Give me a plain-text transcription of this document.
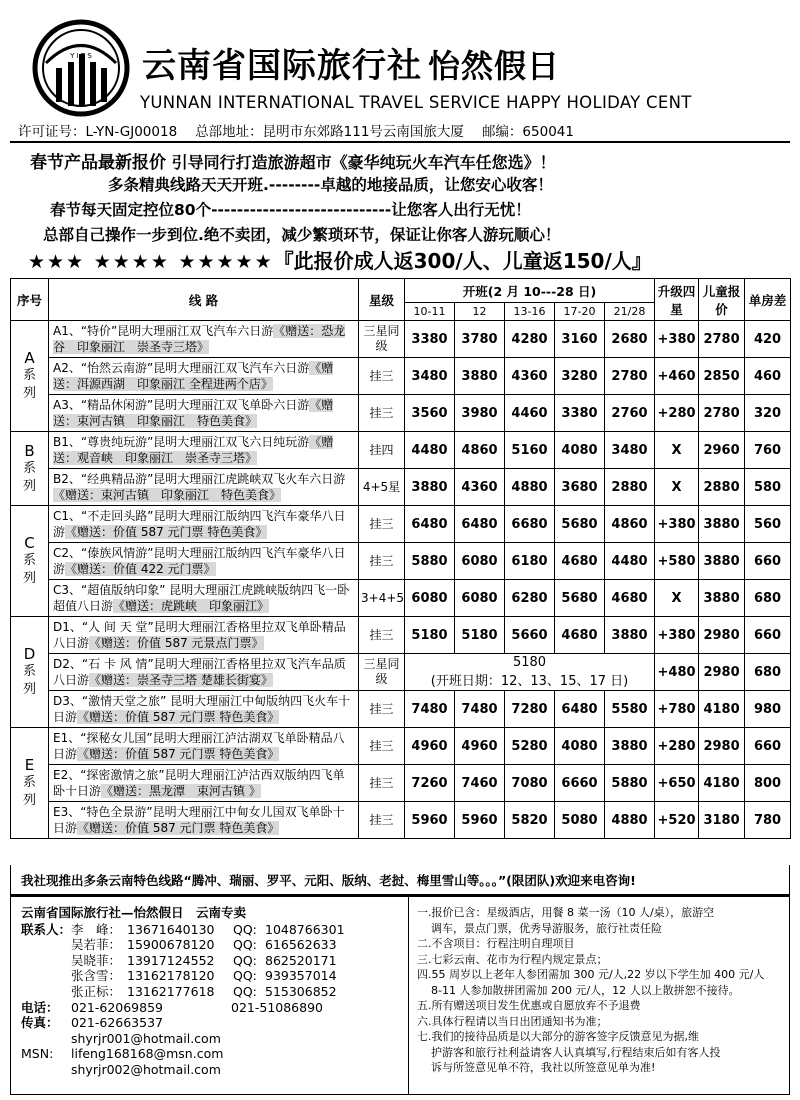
Y I T S 云南省国际旅行社 怡然假日
YUNNAN INTERNATIONAL TRAVEL SERVICE HAPPY HOLIDAY CENT
许可证号：L-YN-GJ00018 总部地址：昆明市东郊路111号云南国旅大厦 邮编：650041
春节产品最新报价 引导同行打造旅游超市《豪华纯玩火车汽车任您选》！
多条精典线路天天开班.--------卓越的地接品质，让您安心收客！
春节每天固定控位80个----------------------------让您客人出行无忧！
总部自己操作一步到位.绝不卖团，减少繁琐环节，保证让你客人游玩顺心！
★★★ ★★★★ ★★★★★『此报价成人返300/人、儿童返150/人』
序号	线 路	星级	开班(2 月 10---28 日)					升级四星	儿童报价	单房差
			10-11	12	13-16	17-20	21/28			

A
系
列	A1、“特价”昆明大理丽江双飞汽车六日游《赠送：恐龙谷　印象丽江　崇圣寺三塔》	三星同级	3380	3780	4280	3160	2680	+380	2780	420
	A2、“怡然云南游”昆明大理丽江双飞汽车六日游《赠送：洱源西湖　印象丽江 全程进两个店》	挂三	3480	3880	4360	3280	2780	+460	2850	460
	A3、“精品休闲游”昆明大理丽江双飞单卧六日游《赠送：束河古镇　印象丽江　特色美食》	挂三	3560	3980	4460	3380	2760	+280	2780	320

B
系
列	B1、“尊贵纯玩游”昆明大理丽江双飞六日纯玩游《赠送：观音峡　印象丽江　崇圣寺三塔》	挂四	4480	4860	5160	4080	3480	X	2960	760
	B2、“经典精品游”昆明大理丽江虎跳峡双飞火车六日游《赠送：束河古镇　印象丽江　特色美食》	4+5星	3880	4360	4880	3680	2880	X	2880	580

C
系
列	C1、“不走回头路”昆明大理丽江版纳四飞汽车豪华八日游《赠送：价值 587 元门票 特色美食》	挂三	6480	6480	6680	5680	4860	+380	3880	560
	C2、“傣族风情游”昆明大理丽江版纳四飞汽车豪华八日游《赠送：价值 422 元门票》	挂三	5880	6080	6180	4680	4480	+580	3880	660
	C3、“超值版纳印象” 昆明大理丽江虎跳峡版纳四飞一卧超值八日游《赠送：虎跳峡　印象丽江》	3+4+5	6080	6080	6280	5680	4680	X	3880	680

D
系
列	D1、“人 间 天 堂”昆明大理丽江香格里拉双飞单卧精品八日游《赠送：价值 587 元景点门票》	挂三	5180	5180	5660	4680	3880	+380	2980	660
	D2、“石 卡 风 情”昆明大理丽江香格里拉双飞汽车品质八日游《赠送：崇圣寺三塔 楚雄长街宴》	三星同级	5180
(开班日期：12、13、15、17 日)					+480	2980	680
	D3、“激情天堂之旅” 昆明大理丽江中甸版纳四飞火车十日游《赠送：价值 587 元门票 特色美食》	挂三	7480	7480	7280	6480	5580	+780	4180	980

E
系
列	E1、“探秘女儿国”昆明大理丽江泸沽湖双飞单卧精品八日游《赠送：价值 587 元门票 特色美食》	挂三	4960	4960	5280	4080	3880	+280	2980	660
	E2、“探密激情之旅”昆明大理丽江泸沽西双版纳四飞单卧十日游《赠送：黑龙潭　束河古镇 》	挂三	7260	7460	7080	6660	5880	+650	4180	800
	E3、“特色全景游”昆明大理丽江中甸女儿国双飞单卧十日游《赠送：价值 587 元门票 特色美食》	挂三	5960	5960	5820	5080	4880	+520	3180	780
我社现推出多条云南特色线路“腾冲、瑞丽、罗平、元阳、版纳、老挝、梅里雪山等。。。”(限团队)欢迎来电咨询!
云南省国际旅行社—怡然假日　云南专卖
联系人： 李　峰： 13671640130	QQ: 1048766301
吴若菲： 15900678120	QQ: 616562633
吴晓菲： 13917124552	QQ: 862520171
张含雪： 13162178120	QQ: 939357014
张正标： 13162177618	QQ: 515306852
电话： 021-62069859	021-51086890
传真： 021-62663537
shyrjr001@hotmail.com
MSN:	lifeng168168@msn.com
shyrjr002@hotmail.com
一.报价已含：星级酒店，用餐 8 菜一汤（10 人/桌），旅游空
调车，景点门票，优秀导游服务，旅行社责任险
二.不含项目：行程注明自理项目
三.七彩云南、花市为行程内规定景点；
四.55 周岁以上老年人参团需加 300 元/人,22 岁以下学生加 400 元/人
8-11 人参加散拼团需加 200 元/人，12 人以上散拼恕不接待。
五.所有赠送项目发生优惠或自愿放弃不予退费
六.具体行程请以当日出团通知书为准；
七.我们的接待品质是以大部分的游客签字反馈意见为据,维
护游客和旅行社利益请客人认真填写,行程结束后如有客人投
诉与所签意见单不符，我社以所签意见单为准!
